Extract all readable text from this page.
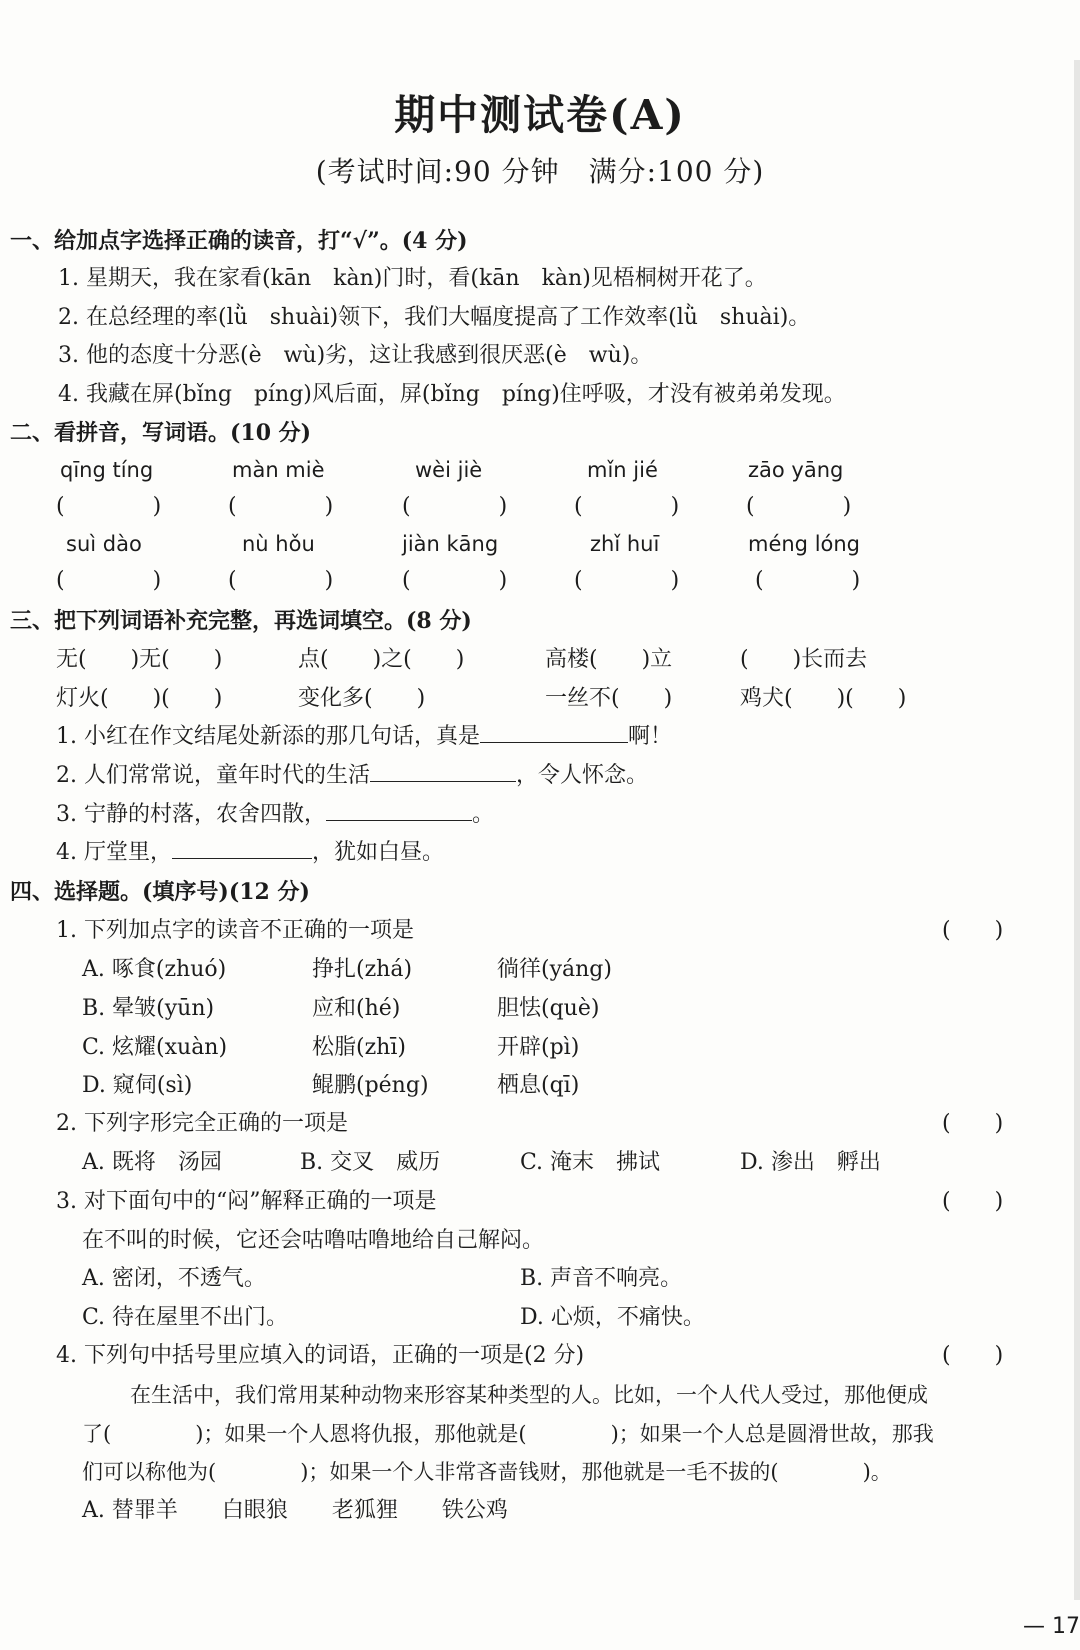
期中测试卷(A)
(考试时间:90 分钟　满分:100 分)
一、给加点字选择正确的读音，打“√”。(4 分)
1. 星期天，我在家看(kān　kàn)门时，看(kān　kàn)见梧桐树开花了。
2. 在总经理的率(lǜ　shuài)领下，我们大幅度提高了工作效率(lǜ　shuài)。
3. 他的态度十分恶(è　wù)劣，这让我感到很厌恶(è　wù)。
4. 我藏在屏(bǐng　píng)风后面，屏(bǐng　píng)住呼吸，才没有被弟弟发现。
二、看拼音，写词语。(10 分)
qīng tíng	màn miè	wèi jiè	mǐn jié	zāo yāng
(　　　　)	(　　　　)	(　　　　)	(　　　　)	(　　　　)
suì dào	nù hǒu	jiàn kāng	zhǐ huī	méng lóng
(　　　　)	(　　　　)	(　　　　)	(　　　　)	(　　　　)
三、把下列词语补充完整，再选词填空。(8 分)
无(　　)无(　　)	点(　　)之(　　)	高楼(　　)立	(　　)长而去
灯火(　　)(　　)	变化多(　　)	一丝不(　　)	鸡犬(　　)(　　)
1. 小红在作文结尾处新添的那几句话，真是	啊！
2. 人们常常说，童年时代的生活	，令人怀念。
3. 宁静的村落，农舍四散，	。
4. 厅堂里，	，犹如白昼。
四、选择题。(填序号)(12 分)
1. 下列加点字的读音不正确的一项是	(　　)
A. 啄食(zhuó)	挣扎(zhá)	徜徉(yáng)
B. 晕皱(yūn)	应和(hé)	胆怯(què)
C. 炫耀(xuàn)	松脂(zhī)	开辟(pì)
D. 窥伺(sì)	鲲鹏(péng)	栖息(qī)
2. 下列字形完全正确的一项是	(　　)
A. 既将　汤园	B. 交叉　威历	C. 淹末　拂试	D. 渗出　孵出
3. 对下面句中的“闷”解释正确的一项是	(　　)
在不叫的时候，它还会咕噜咕噜地给自己解闷。
A. 密闭，不透气。	B. 声音不响亮。
C. 待在屋里不出门。	D. 心烦，不痛快。
4. 下列句中括号里应填入的词语，正确的一项是(2 分)	(　　)
在生活中，我们常用某种动物来形容某种类型的人。比如，一个人代人受过，那他便成
了(　　　　)；如果一个人恩将仇报，那他就是(　　　　)；如果一个人总是圆滑世故，那我
们可以称他为(　　　　)；如果一个人非常吝啬钱财，那他就是一毛不拔的(　　　　)。
A. 替罪羊　　白眼狼　　老狐狸　　铁公鸡
— 17
